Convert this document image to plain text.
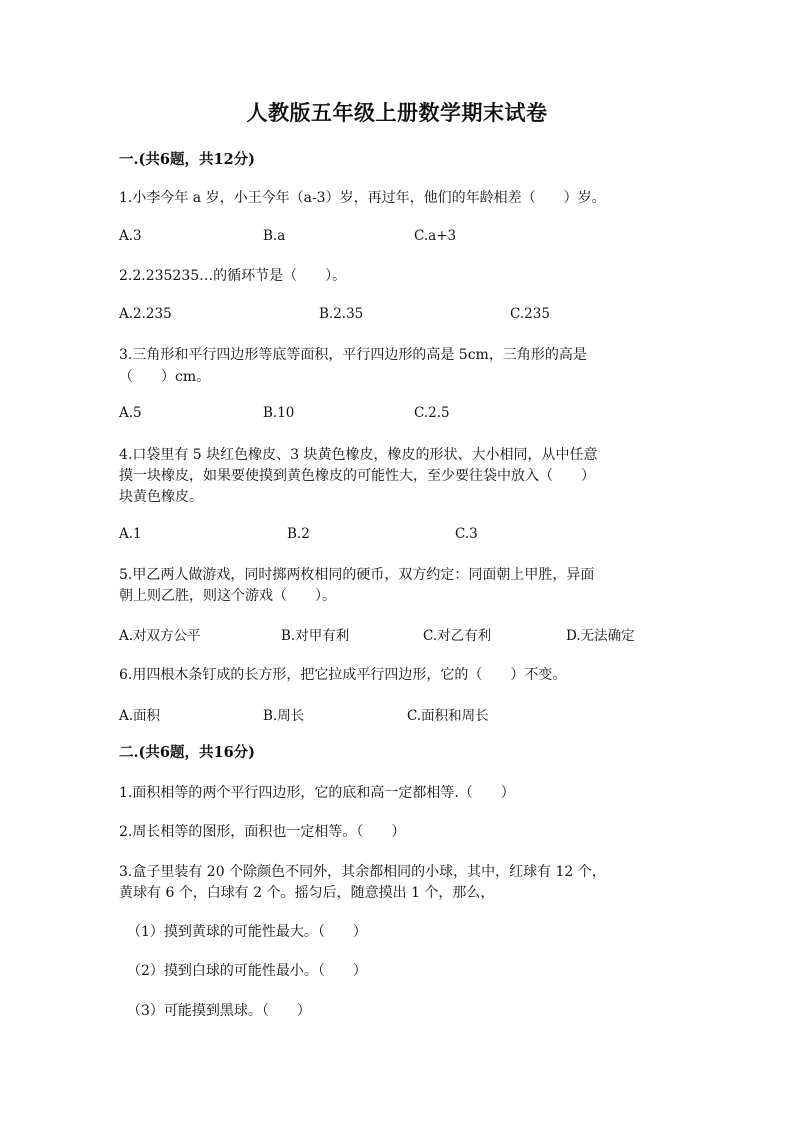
人教版五年级上册数学期末试卷
一.(共6题，共12分)
1.小李今年 a 岁，小王今年（a-3）岁，再过年，他们的年龄相差（　　）岁。
A.3	B.a	C.a+3
2.2.235235…的循环节是（　　）。
A.2.235	B.2.35	C.235
3.三角形和平行四边形等底等面积，平行四边形的高是 5cm，三角形的高是
（　　）cm。
A.5	B.10	C.2.5
4.口袋里有 5 块红色橡皮、3 块黄色橡皮，橡皮的形状、大小相同，从中任意
摸一块橡皮，如果要使摸到黄色橡皮的可能性大，至少要往袋中放入（　　）
块黄色橡皮。
A.1	B.2	C.3
5.甲乙两人做游戏，同时掷两枚相同的硬币，双方约定：同面朝上甲胜，异面
朝上则乙胜，则这个游戏（　　）。
A.对双方公平	B.对甲有利	C.对乙有利	D.无法确定
6.用四根木条钉成的长方形，把它拉成平行四边形，它的（　　）不变。
A.面积	B.周长	C.面积和周长
二.(共6题，共16分)
1.面积相等的两个平行四边形，它的底和高一定都相等.（　　）
2.周长相等的图形，面积也一定相等。（　　）
3.盒子里装有 20 个除颜色不同外，其余都相同的小球，其中，红球有 12 个，
黄球有 6 个，白球有 2 个。摇匀后，随意摸出 1 个，那么，
（1）摸到黄球的可能性最大。（　　）
（2）摸到白球的可能性最小。（　　）
（3）可能摸到黑球。（　　）
